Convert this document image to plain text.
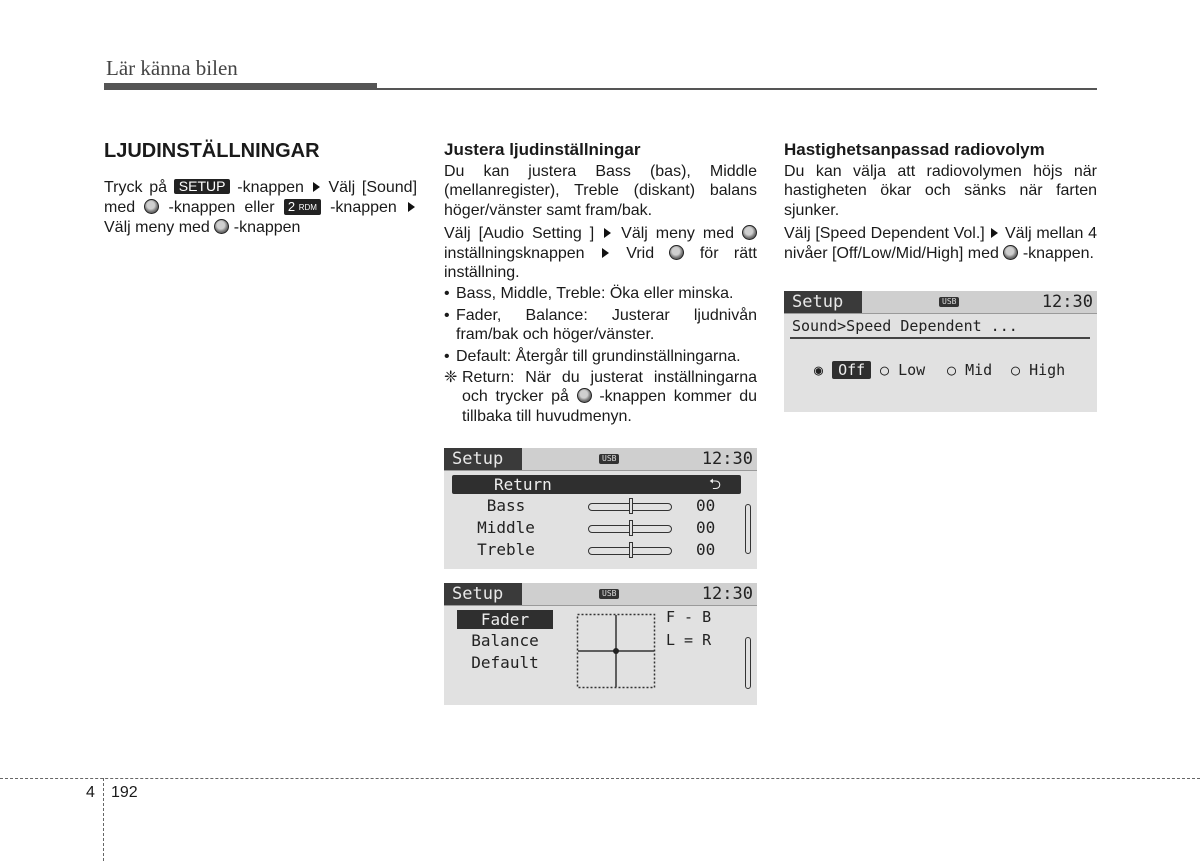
Lär känna bilen
LJUDINSTÄLLNINGAR

Tryck på SETUP -knappen Välj [Sound] med -knappen eller 2 RDM -knappen  Välj meny med -knappen

Justera ljudinställningar

Du kan justera Bass (bas), Middle (mellanregister), Treble (diskant) balans höger/vänster samt fram/bak.

Välj [Audio Setting ] Välj meny med  inställningsknappen	Vrid	för rätt inställning.

• Bass, Middle, Treble: Öka eller minska.
• Fader, Balance: Justerar ljudnivån fram/bak och höger/vänster.
• Default: Återgår till grundinställningarna.
❈ Return: När du justerat inställningarna och trycker på -knappen kommer du tillbaka till huvudmenyn.
Hastighetsanpassad radiovolym

Du kan välja att radiovolymen höjs när hastigheten ökar och sänks när farten sjunker.

Välj [Speed Dependent Vol.] Välj mellan 4 nivåer [Off/Low/Mid/High] med -knappen.

Setup	USB	12:30
Return	⮌
Bass	00
Middle	00
Treble	00
Setup	USB	12:30
Fader
Balance
Default
F - B
L = R
Setup	USB	12:30
Sound>Speed Dependent ...
◉ Off ○ Low ○ Mid ○ High
4 192
